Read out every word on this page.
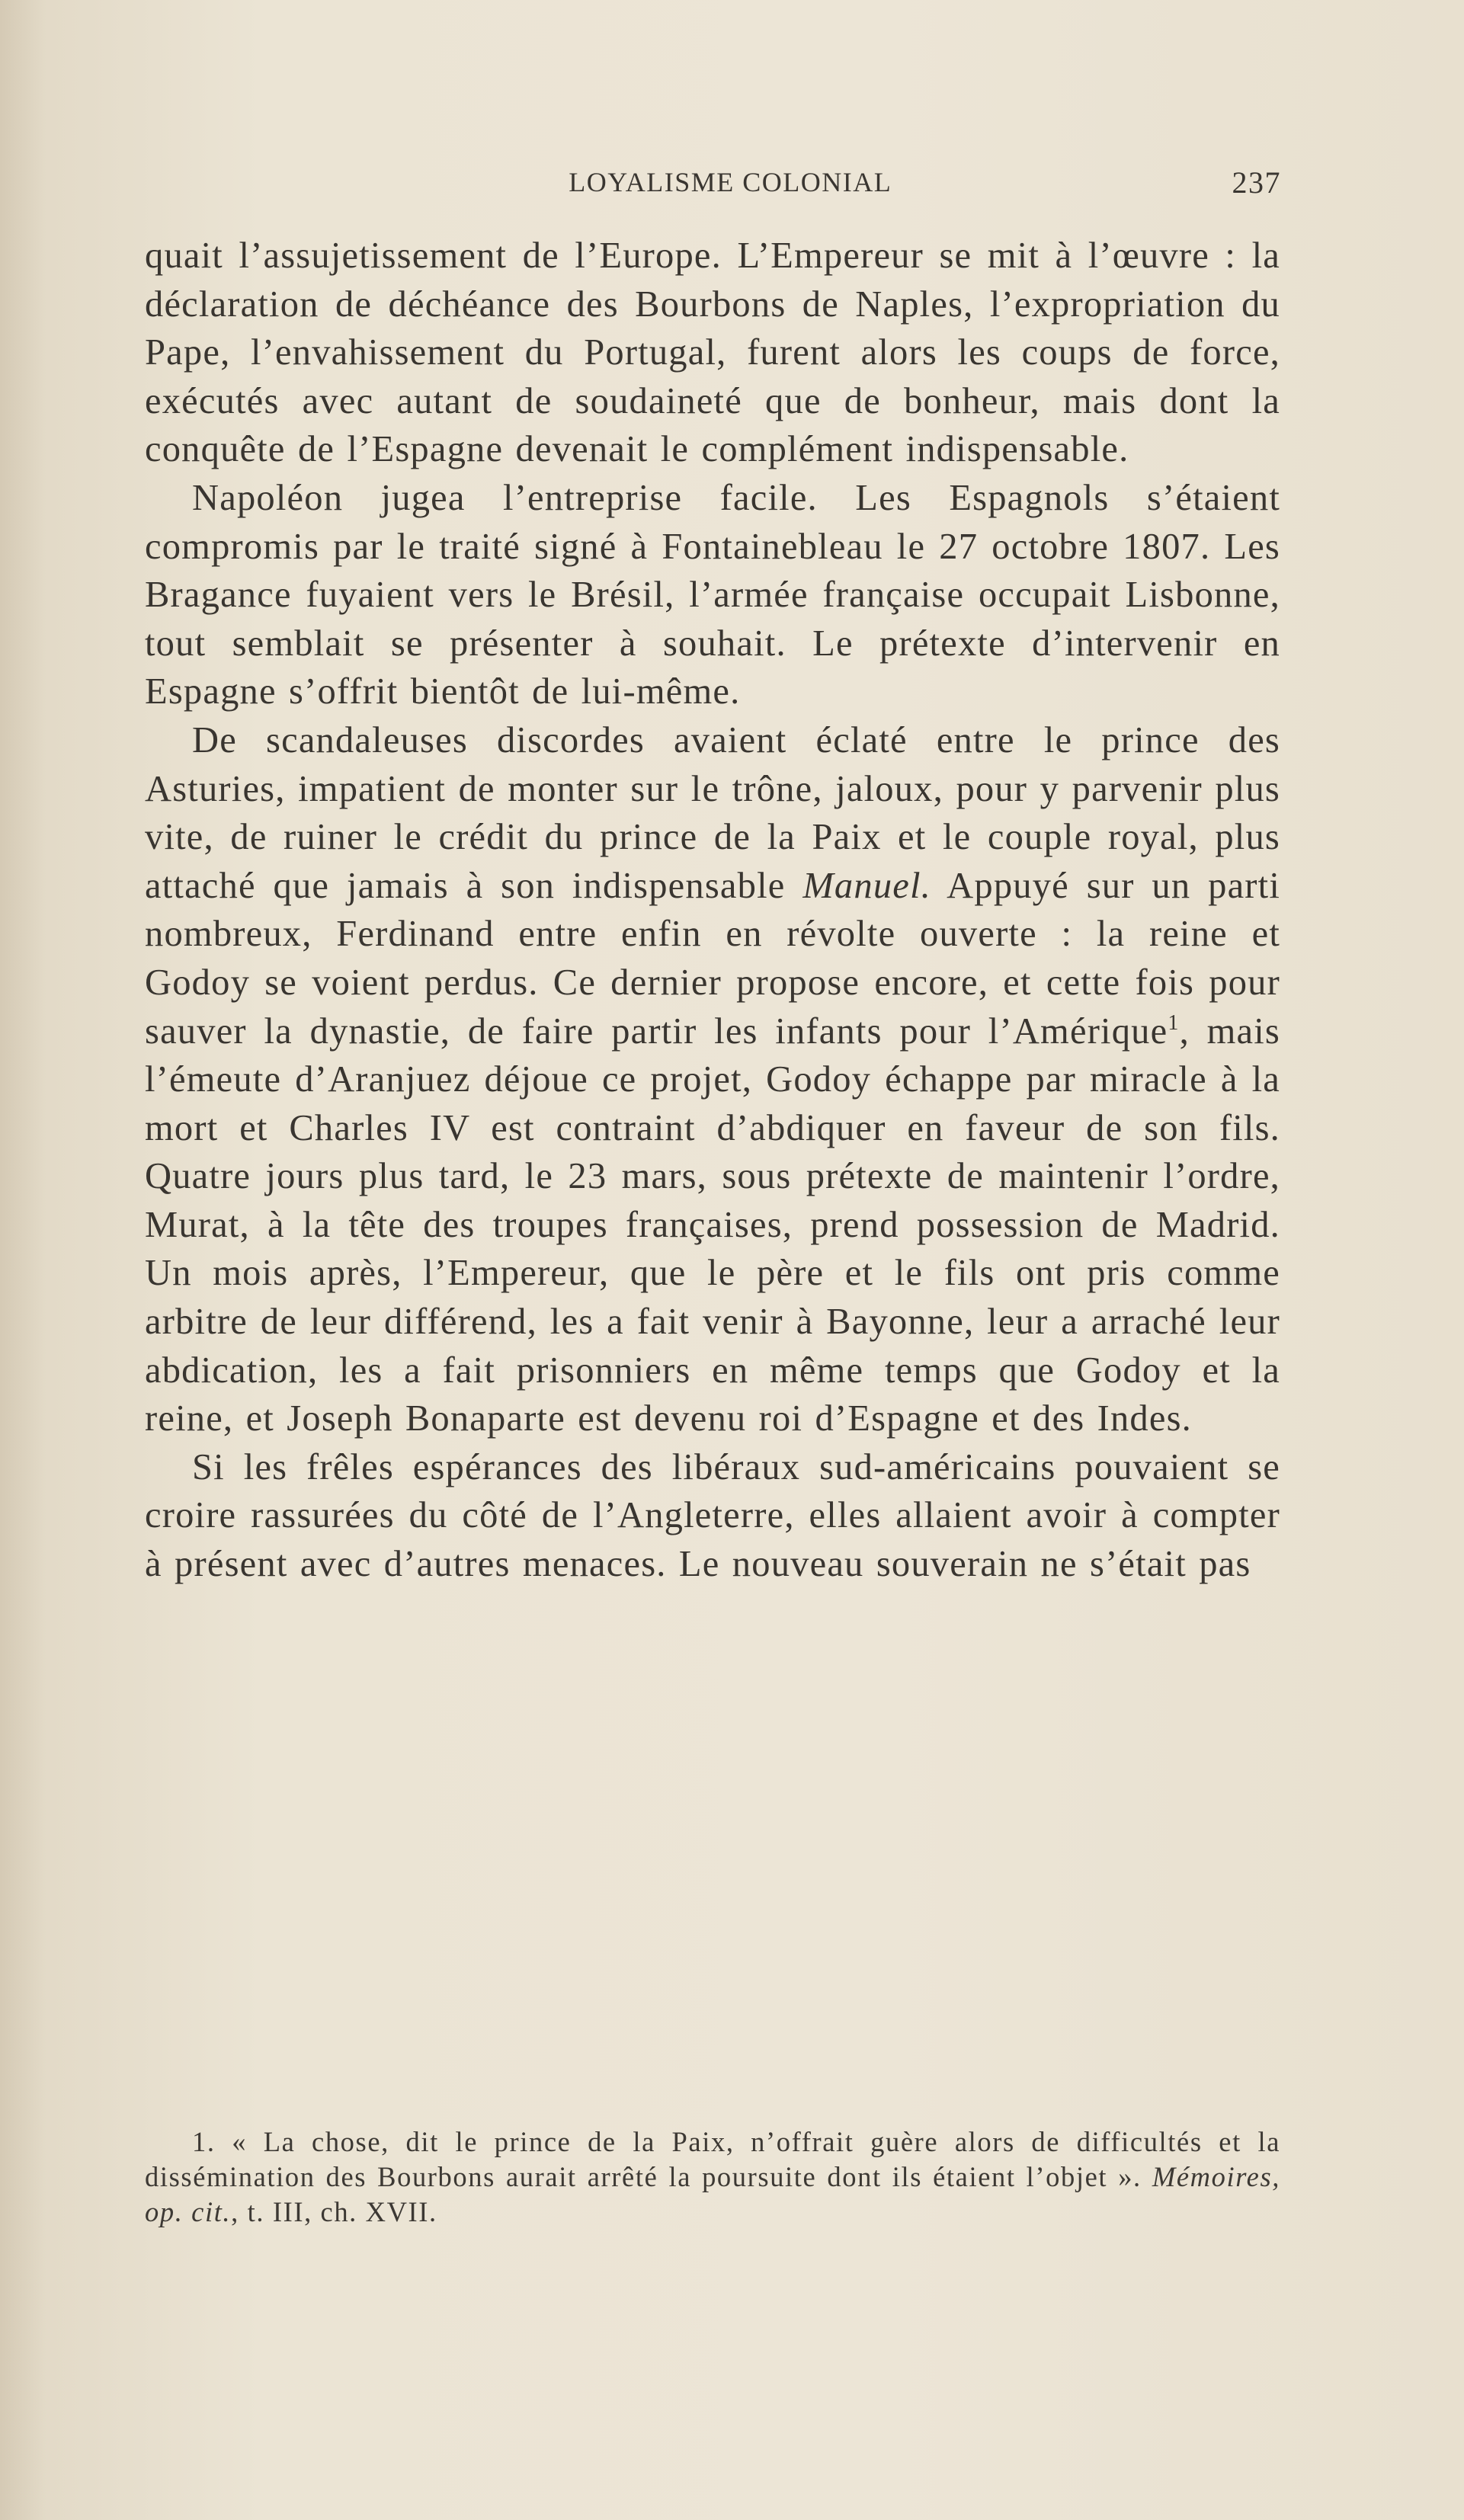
LOYALISME COLONIAL	237

quait l’assujetissement de l’Europe. L’Empereur se mit à l’œuvre : la déclaration de déchéance des Bourbons de Naples, l’expropriation du Pape, l’envahissement du Portugal, furent alors les coups de force, exécutés avec autant de soudaineté que de bonheur, mais dont la conquête de l’Espagne devenait le complément indispensable.

Napoléon jugea l’entreprise facile. Les Espagnols s’étaient compromis par le traité signé à Fontainebleau le 27 octobre 1807. Les Bragance fuyaient vers le Brésil, l’armée française occupait Lisbonne, tout semblait se présenter à souhait. Le prétexte d’intervenir en Espagne s’offrit bientôt de lui-même.

De scandaleuses discordes avaient éclaté entre le prince des Asturies, impatient de monter sur le trône, jaloux, pour y parvenir plus vite, de ruiner le crédit du prince de la Paix et le couple royal, plus attaché que jamais à son indispensable Manuel. Appuyé sur un parti nombreux, Ferdinand entre enfin en révolte ouverte : la reine et Godoy se voient perdus. Ce dernier propose encore, et cette fois pour sauver la dynastie, de faire partir les infants pour l’Amérique$^1$, mais l’émeute d’Aranjuez déjoue ce projet, Godoy échappe par miracle à la mort et Charles IV est contraint d’abdiquer en faveur de son fils. Quatre jours plus tard, le 23 mars, sous prétexte de maintenir l’ordre, Murat, à la tête des troupes françaises, prend possession de Madrid. Un mois après, l’Empereur, que le père et le fils ont pris comme arbitre de leur différend, les a fait venir à Bayonne, leur a arraché leur abdication, les a fait prisonniers en même temps que Godoy et la reine, et Joseph Bonaparte est devenu roi d’Espagne et des Indes.

Si les frêles espérances des libéraux sud-américains pouvaient se croire rassurées du côté de l’Angleterre, elles allaient avoir à compter à présent avec d’autres menaces. Le nouveau souverain ne s’était pas

1. « La chose, dit le prince de la Paix, n’offrait guère alors de difficultés et la dissémination des Bourbons aurait arrêté la poursuite dont ils étaient l’objet ». Mémoires, op. cit., t. III, ch. XVII.
